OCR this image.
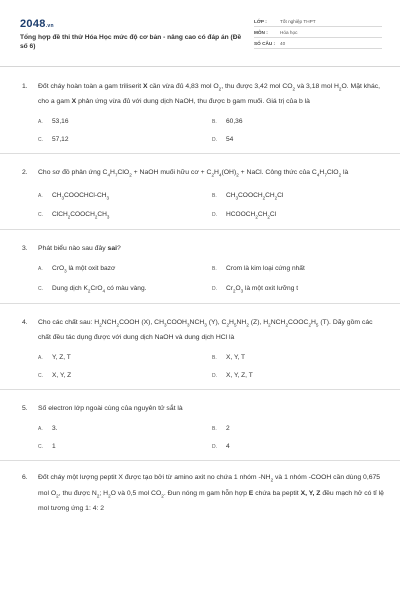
2048.vn
Tổng hợp đề thi thử Hóa Học mức độ cơ bản - nâng cao có đáp án (Đề số 6)
LỚP :	Tốt nghiệp THPT
MÔN :	Hóa học
SỐ CÂU :	40
1. Đốt cháy hoàn toàn a gam triliserit X cần vừa đủ 4,83 mol $O_2$, thu được 3,42 mol $CO_2$ và 3,18 mol $H_2O$. Mặt khác, cho a gam X phản ứng vừa đủ với dung dịch NaOH, thu được b gam muối. Giá trị của b là
A.	53,16	B.	60,36
C.	57,12	D.	54
2. Cho sơ đồ phản ứng $C_4H_7ClO_2$ + NaOH muối hữu cơ + $C_2H_4(OH)_2$ + NaCl. Công thức của $C_4H_7ClO_2$ là
A.	$CH_3COOCHCl-CH_3$	B.	$CH_3COOCH_2CH_2Cl$
C.	$ClCH_2COOCH_2CH_3$	D.	$HCOOCH_2CH_2Cl$
3. Phát biểu nào sau đây sai?
A.	CrO$_3$ là một oxit bazơ	B.	Crom là kim loại cứng nhất
C.	Dung dịch $K_2CrO_4$ có màu vàng.	D.	$Cr_2O_3$ là một oxit lưỡng t
4. Cho các chất sau: $H_2NCH_2COOH$ (X), $CH_3COOH_3NCH_3$ (Y), $C_2H_5NH_2$ (Z), $H_2NCH_2COOC_2H_5$ (T). Dãy gồm các chất đều tác dụng được với dung dịch NaOH và dung dịch HCl là
A.	Y, Z, T	B.	X, Y, T
C.	X, Y, Z	D.	X, Y, Z, T
5. Số electron lớp ngoài cùng của nguyên tử sắt là
A.	3.	B.	2
C.	1	D.	4
6. Đốt cháy một lượng peptit X được tạo bởi từ amino axit no chứa 1 nhóm $-NH_2$ và 1 nhóm -COOH cần dùng 0,675 mol $O_2$, thu được $N_2$; $H_2O$ và 0,5 mol $CO_2$. Đun nóng m gam hỗn hợp E chứa ba peptit X, Y, Z đều mạch hở có tỉ lệ mol tương ứng 1: 4: 2
